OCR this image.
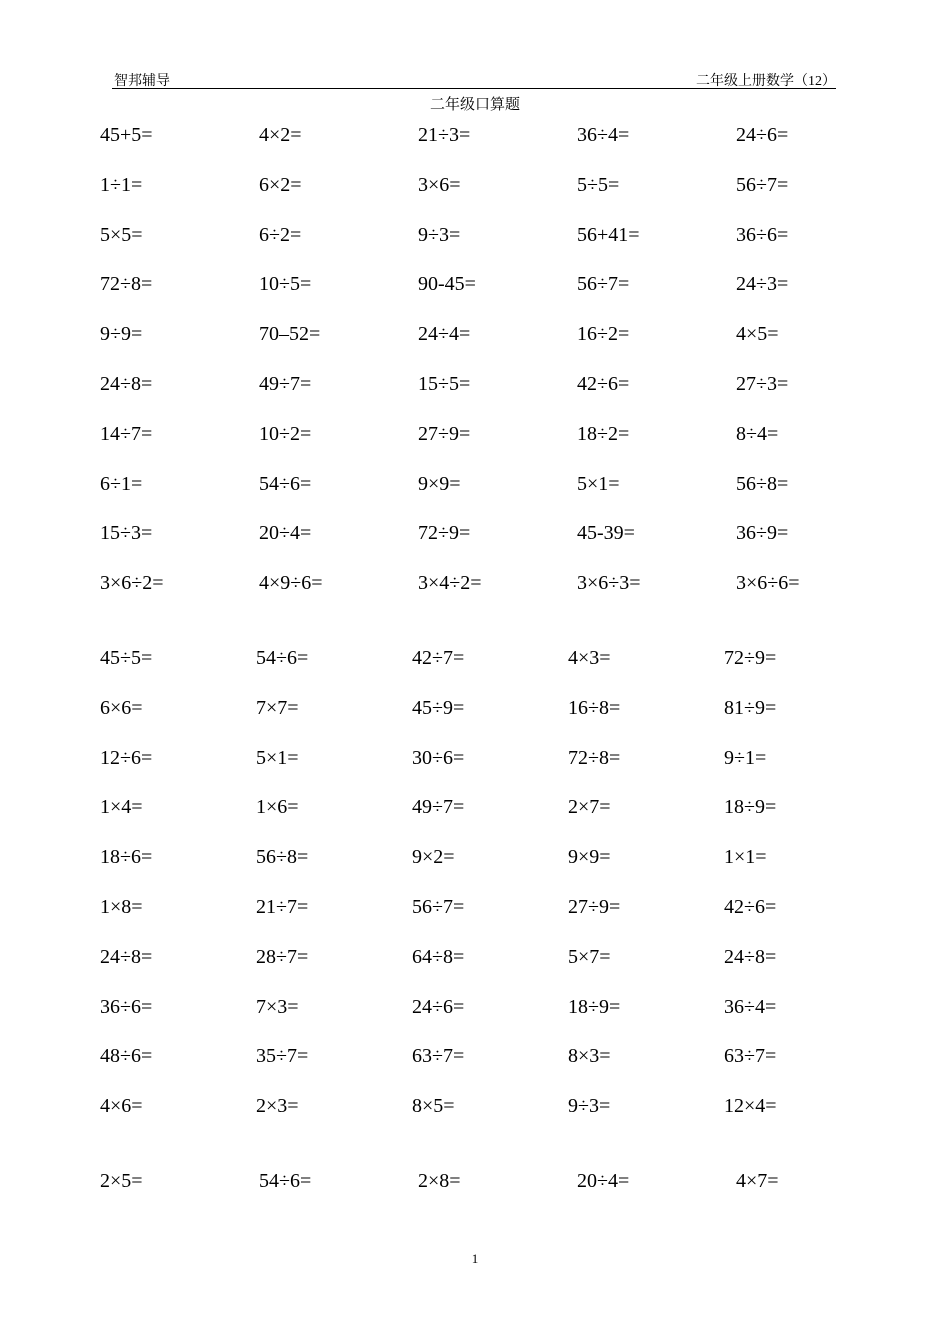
智邦辅导	二年级上册数学（12）
二年级口算题
45+5=	4×2=	21÷3=	36÷4=	24÷6=
1÷1=	6×2=	3×6=	5÷5=	56÷7=
5×5=	6÷2=	9÷3=	56+41=	36÷6=
72÷8=	10÷5=	90-45=	56÷7=	24÷3=
9÷9=	70–52=	24÷4=	16÷2=	4×5=
24÷8=	49÷7=	15÷5=	42÷6=	27÷3=
14÷7=	10÷2=	27÷9=	18÷2=	8÷4=
6÷1=	54÷6=	9×9=	5×1=	56÷8=
15÷3=	20÷4=	72÷9=	45-39=	36÷9=
3×6÷2=	4×9÷6=	3×4÷2=	3×6÷3=	3×6÷6=
45÷5=	54÷6=	42÷7=	4×3=	72÷9=
6×6=	7×7=	45÷9=	16÷8=	81÷9=
12÷6=	5×1=	30÷6=	72÷8=	9÷1=
1×4=	1×6=	49÷7=	2×7=	18÷9=
18÷6=	56÷8=	9×2=	9×9=	1×1=
1×8=	21÷7=	56÷7=	27÷9=	42÷6=
24÷8=	28÷7=	64÷8=	5×7=	24÷8=
36÷6=	7×3=	24÷6=	18÷9=	36÷4=
48÷6=	35÷7=	63÷7=	8×3=	63÷7=
4×6=	2×3=	8×5=	9÷3=	12×4=
2×5=	54÷6=	2×8=	20÷4=	4×7=
1
